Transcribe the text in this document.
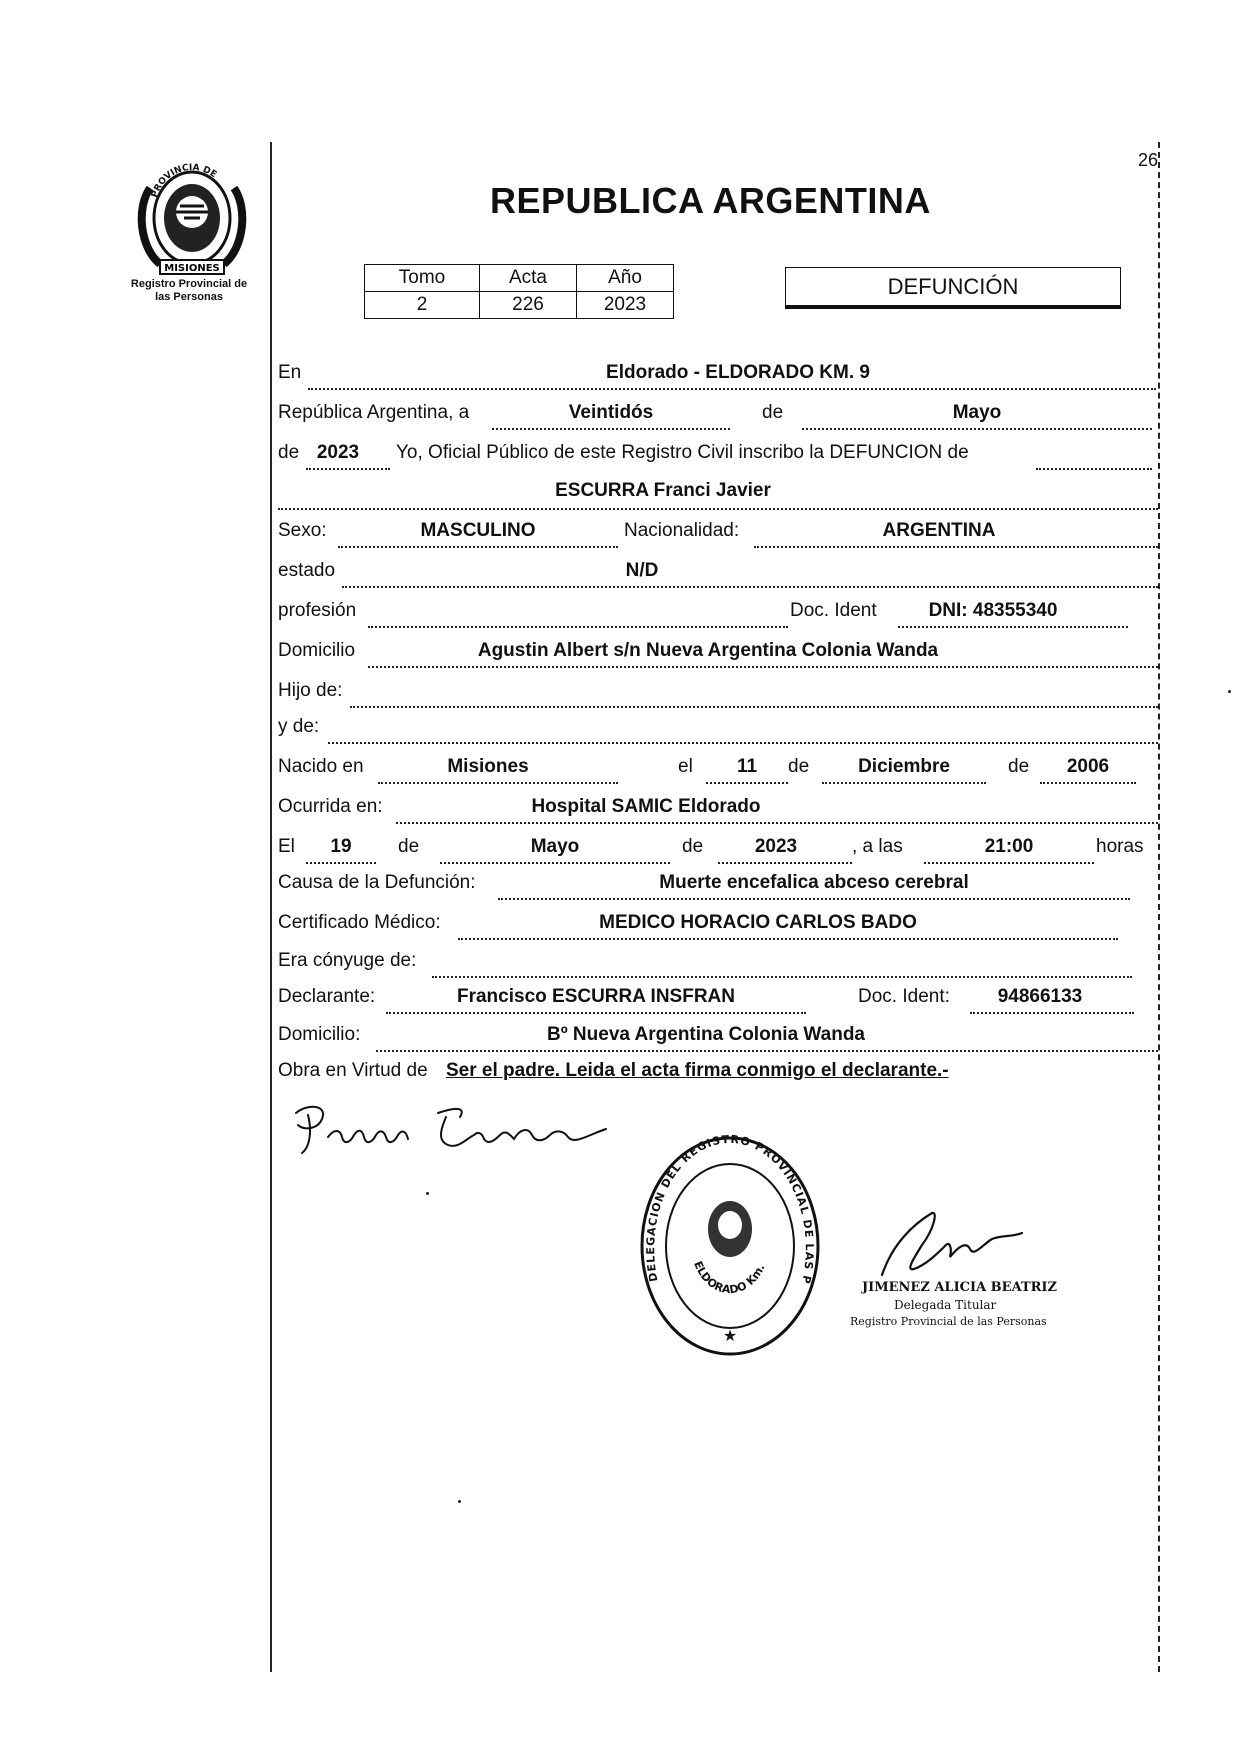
26
REPUBLICA ARGENTINA
PROVINCIA DE
MISIONES
Registro Provincial de
las Personas
Tomo	Acta	Año
2	226	2023
DEFUNCIÓN
En	Eldorado - ELDORADO KM. 9
República Argentina, a	Veintidós	de	Mayo
de 2023	Yo, Oficial Público de este Registro Civil inscribo la DEFUNCION de
ESCURRA Franci Javier
Sexo:	MASCULINO	Nacionalidad:	ARGENTINA
estado	N/D
profesión	Doc. Ident	DNI: 48355340
Domicilio	Agustin Albert s/n Nueva Argentina Colonia Wanda
Hijo de:
y de:
Nacido en	Misiones	el	11	de	Diciembre	de	2006
Ocurrida en:	Hospital SAMIC Eldorado
El	19	de	Mayo	de	2023	, a las	21:00	horas
Causa de la Defunción:	Muerte encefalica abceso cerebral
Certificado Médico:	MEDICO HORACIO CARLOS BADO
Era cónyuge de:
Declarante:	Francisco ESCURRA INSFRAN	Doc. Ident:	94866133
Domicilio:	Bº Nueva Argentina Colonia Wanda
Obra en Virtud de Ser el padre. Leida el acta firma conmigo el declarante.-
DELEGACION DEL REGISTRO PROVINCIAL DE LAS P
ELDORADO Km.
★
JIMENEZ ALICIA BEATRIZ
Delegada Titular
Registro Provincial de las Personas
